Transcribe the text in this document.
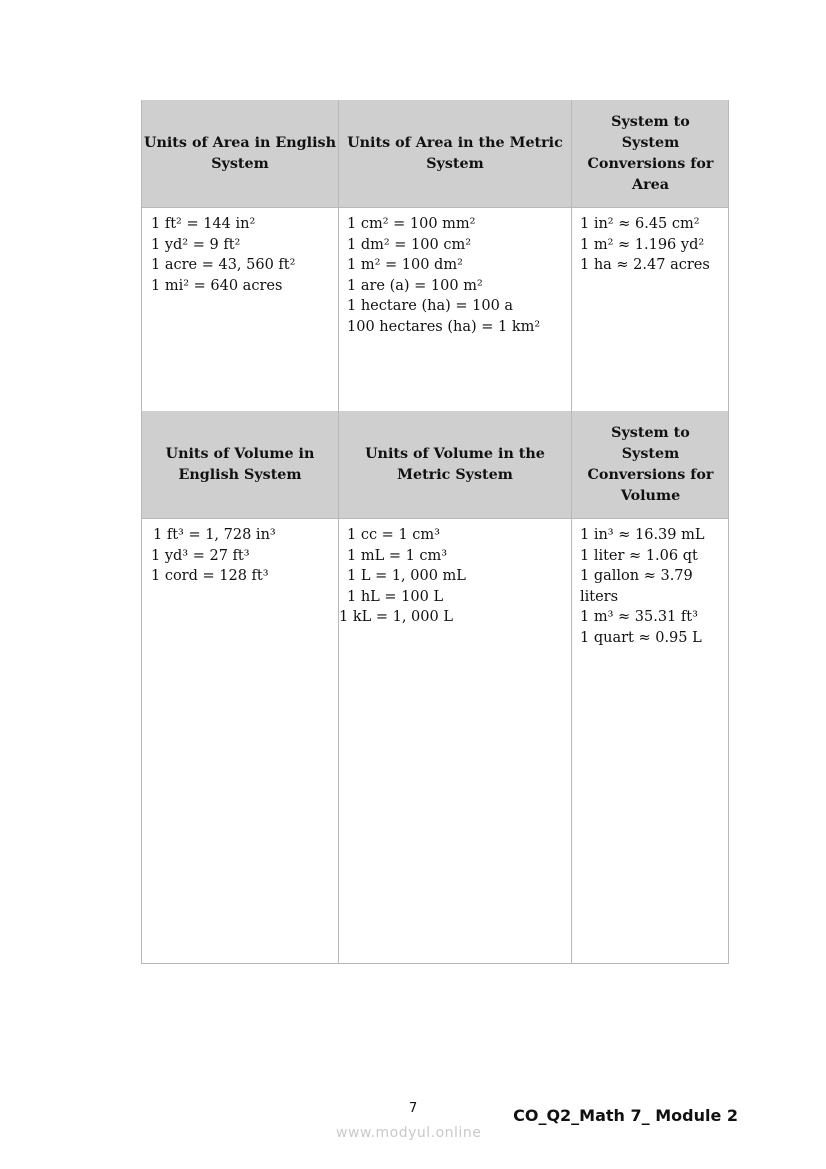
Units of Area in English System
Units of Area in the Metric System
System to System Conversions for Area
1 ft² = 144 in²
1 yd² = 9 ft²
1 acre = 43, 560 ft²
1 mi² = 640 acres
1 cm² = 100 mm²
1 dm² = 100 cm²
1 m² = 100 dm²
1 are (a) = 100 m²
1 hectare (ha) = 100 a
100 hectares (ha) = 1 km²
1 in² ≈ 6.45 cm²
1 m² ≈ 1.196 yd²
1 ha ≈ 2.47 acres
Units of Volume in English System
Units of Volume in the Metric System
System to System Conversions for Volume
1 ft³ = 1, 728 in³
1 yd³ = 27 ft³
1 cord = 128 ft³
1 cc = 1 cm³
1 mL = 1 cm³
1 L = 1, 000 mL
1 hL = 100 L
1 kL = 1, 000 L
1 in³ ≈ 16.39 mL
1 liter ≈ 1.06 qt
1 gallon ≈ 3.79 liters
1 m³ ≈ 35.31 ft³
1 quart ≈ 0.95 L
7	CO_Q2_Math 7_ Module 2
www.modyul.online
